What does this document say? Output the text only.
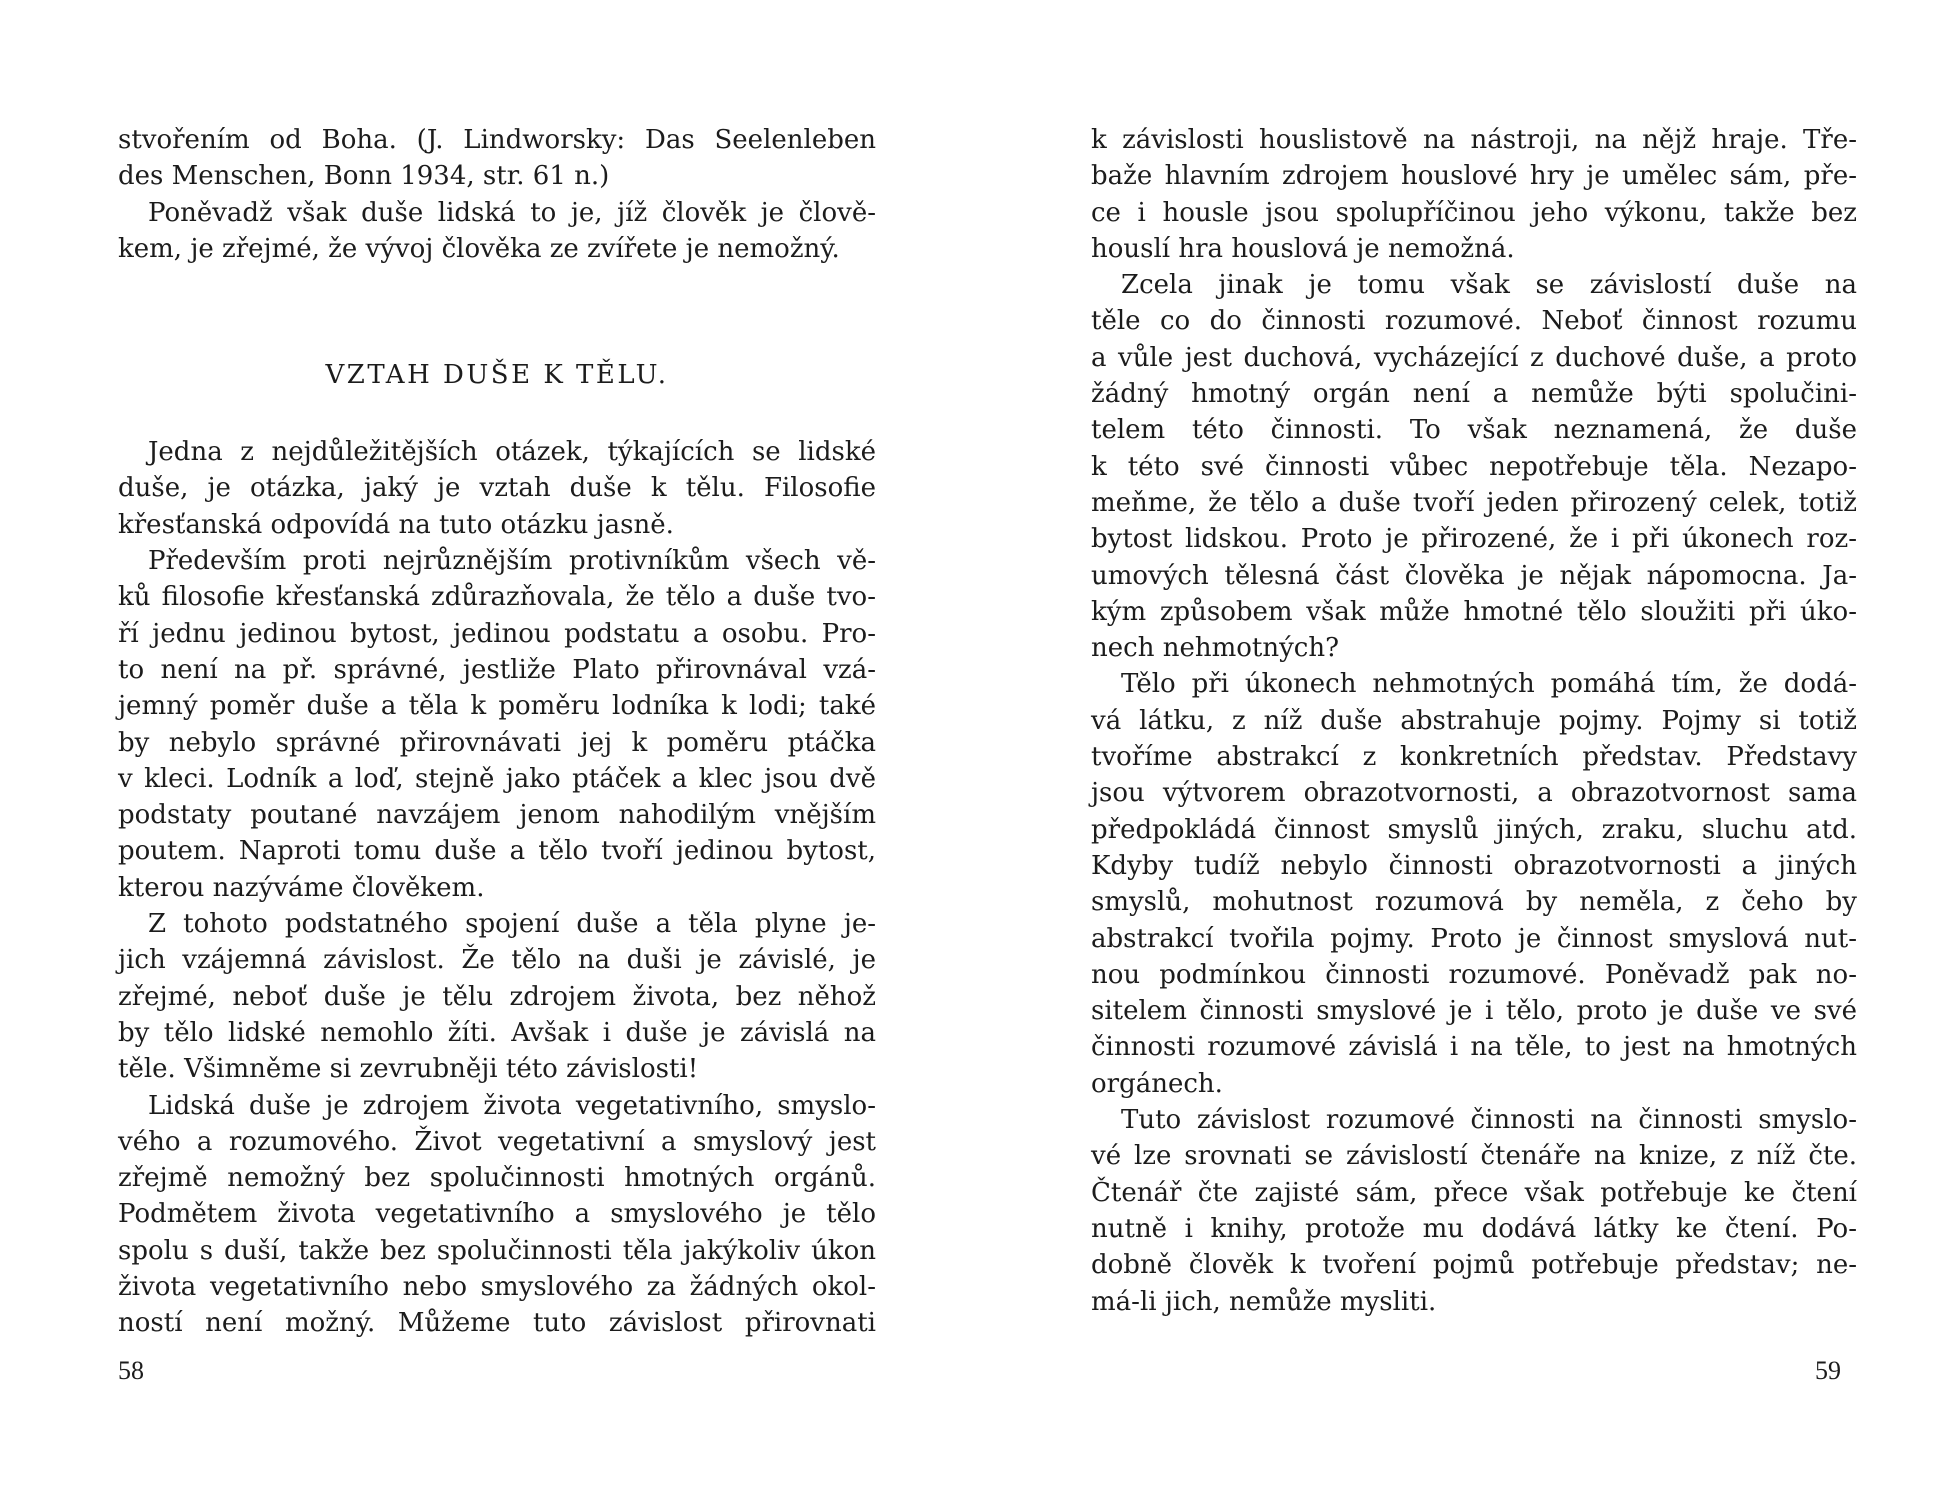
stvořením od Boha. (J. Lindworsky: Das Seelenleben
des Menschen, Bonn 1934, str. 61 n.)
Poněvadž však duše lidská to je, jíž člověk je člově-
kem, je zřejmé, že vývoj člověka ze zvířete je nemožný.
VZTAH DUŠE K TĚLU.
Jedna z nejdůležitějších otázek, týkajících se lidské
duše, je otázka, jaký je vztah duše k tělu. Filosofie
křesťanská odpovídá na tuto otázku jasně.
Především proti nejrůznějším protivníkům všech vě-
ků filosofie křesťanská zdůrazňovala, že tělo a duše tvo-
ří jednu jedinou bytost, jedinou podstatu a osobu. Pro-
to není na př. správné, jestliže Plato přirovnával vzá-
jemný poměr duše a těla k poměru lodníka k lodi; také
by nebylo správné přirovnávati jej k poměru ptáčka
v kleci. Lodník a loď, stejně jako ptáček a klec jsou dvě
podstaty poutané navzájem jenom nahodilým vnějším
poutem. Naproti tomu duše a tělo tvoří jedinou bytost,
kterou nazýváme člověkem.
Z tohoto podstatného spojení duše a těla plyne je-
jich vzájemná závislost. Že tělo na duši je závislé, je
zřejmé, neboť duše je tělu zdrojem života, bez něhož
by tělo lidské nemohlo žíti. Avšak i duše je závislá na
těle. Všimněme si zevrubněji této závislosti!
Lidská duše je zdrojem života vegetativního, smyslo-
vého a rozumového. Život vegetativní a smyslový jest
zřejmě nemožný bez spolučinnosti hmotných orgánů.
Podmětem života vegetativního a smyslového je tělo
spolu s duší, takže bez spolučinnosti těla jakýkoliv úkon
života vegetativního nebo smyslového za žádných okol-
ností není možný. Můžeme tuto závislost přirovnati
58
k závislosti houslistově na nástroji, na nějž hraje. Tře-
baže hlavním zdrojem houslové hry je umělec sám, pře-
ce i housle jsou spolupříčinou jeho výkonu, takže bez
houslí hra houslová je nemožná.
Zcela jinak je tomu však se závislostí duše na
těle co do činnosti rozumové. Neboť činnost rozumu
a vůle jest duchová, vycházející z duchové duše, a proto
žádný hmotný orgán není a nemůže býti spolučini-
telem této činnosti. To však neznamená, že duše
k této své činnosti vůbec nepotřebuje těla. Nezapo-
meňme, že tělo a duše tvoří jeden přirozený celek, totiž
bytost lidskou. Proto je přirozené, že i při úkonech roz-
umových tělesná část člověka je nějak nápomocna. Ja-
kým způsobem však může hmotné tělo sloužiti při úko-
nech nehmotných?
Tělo při úkonech nehmotných pomáhá tím, že dodá-
vá látku, z níž duše abstrahuje pojmy. Pojmy si totiž
tvoříme abstrakcí z konkretních představ. Představy
jsou výtvorem obrazotvornosti, a obrazotvornost sama
předpokládá činnost smyslů jiných, zraku, sluchu atd.
Kdyby tudíž nebylo činnosti obrazotvornosti a jiných
smyslů, mohutnost rozumová by neměla, z čeho by
abstrakcí tvořila pojmy. Proto je činnost smyslová nut-
nou podmínkou činnosti rozumové. Poněvadž pak no-
sitelem činnosti smyslové je i tělo, proto je duše ve své
činnosti rozumové závislá i na těle, to jest na hmotných
orgánech.
Tuto závislost rozumové činnosti na činnosti smyslo-
vé lze srovnati se závislostí čtenáře na knize, z níž čte.
Čtenář čte zajisté sám, přece však potřebuje ke čtení
nutně i knihy, protože mu dodává látky ke čtení. Po-
dobně člověk k tvoření pojmů potřebuje představ; ne-
má-li jich, nemůže mysliti.
59
